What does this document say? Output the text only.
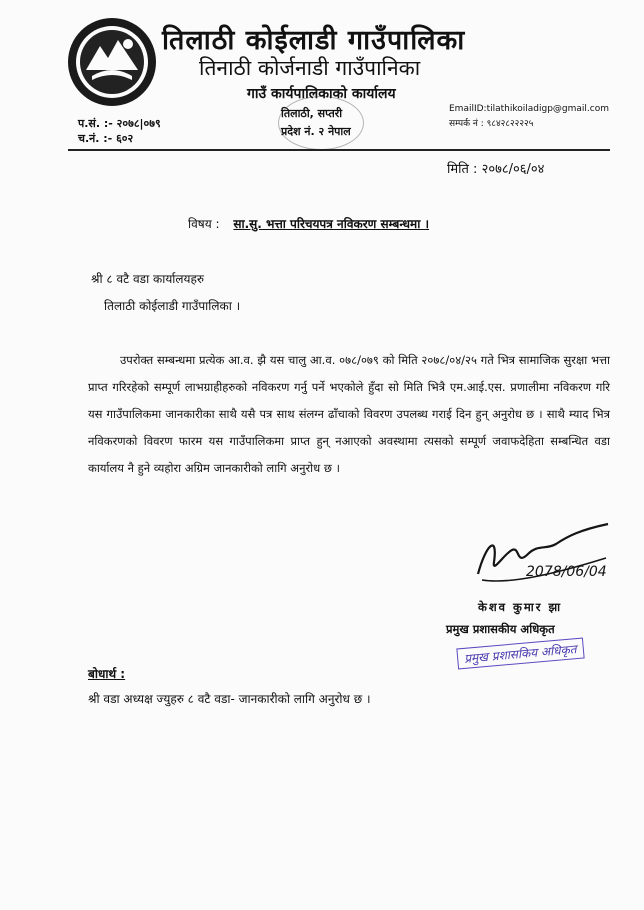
तिलाठी कोईलाडी गाउँपालिका
तिनाठी कोर्जनाडी गाउँपानिका
गाउँ कार्यपालिकाको कार्यालय
तिलाठी, सप्तरी
प्रदेश नं. २ नेपाल
प.सं. :- २०७८|०७९
च.नं. :- ६०२
EmailID:tilathikoiladigp@gmail.com
सम्पर्क नं : ९८४२८२२२२५
मिति : २०७८/०६/०४
विषय : सा.सु. भत्ता परिचयपत्र नविकरण सम्बन्धमा ।
श्री ८ वटै वडा कार्यालयहरु
तिलाठी कोईलाडी गाउँपालिका ।
उपरोक्त सम्बन्धमा प्रत्येक आ.व. झै यस चालु आ.व. ०७८/०७९ को मिति २०७८/०४/२५ गते भित्र सामाजिक सुरक्षा भत्ता प्राप्त गरिरहेको सम्पूर्ण लाभग्राहीहरुको नविकरण गर्नु पर्ने भएकोले हुँदा सो मिति भित्रै एम.आई.एस. प्रणालीमा नविकरण गरि यस गाउँपालिकमा जानकारीका साथै यसै पत्र साथ संलग्न ढाँचाको विवरण उपलब्ध गराई दिन हुन् अनुरोध छ । साथै म्याद भित्र नविकरणको विवरण फारम यस गाउँपालिकमा प्राप्त हुन् नआएको अवस्थामा त्यसको सम्पूर्ण जवाफदेहिता सम्बन्धित वडा कार्यालय नै हुने व्यहोरा अग्रिम जानकारीको लागि अनुरोध छ ।
2078/06/04
केशव कुमार झा
प्रमुख प्रशासकीय अधिकृत
प्रमुख प्रशासकिय अधिकृत
बोधार्थ :
श्री वडा अध्यक्ष ज्युहरु ८ वटै वडा- जानकारीको लागि अनुरोध छ ।
